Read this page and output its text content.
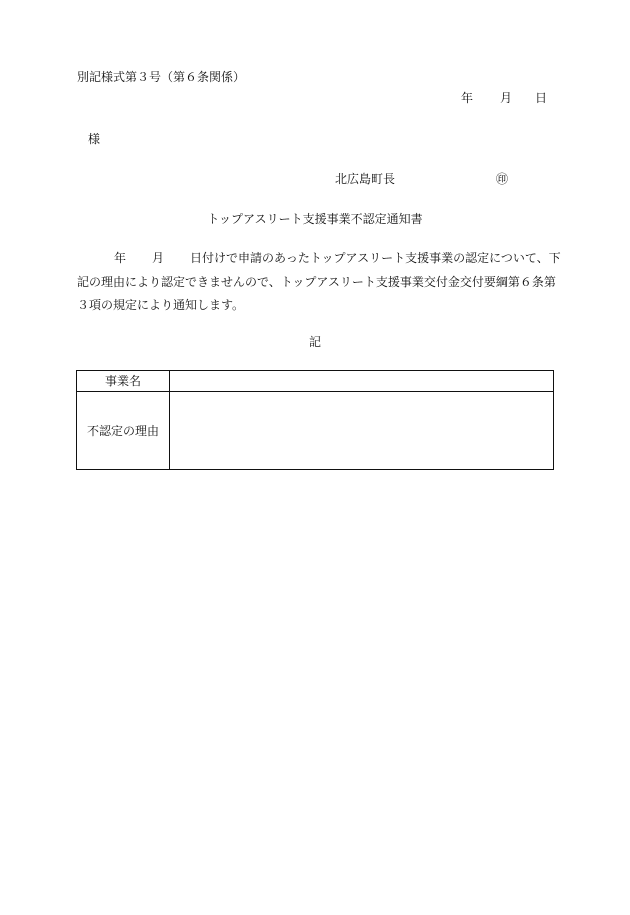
別記様式第３号（第６条関係）
年 月 日
様
北広島町長	㊞
トップアスリート支援事業不認定通知書
年 月 日付けで申請のあったトップアスリート支援事業の認定について、下
記の理由により認定できませんので、トップアスリート支援事業交付金交付要綱第６条第
３項の規定により通知します。
記
事業名	
不認定の理由	
